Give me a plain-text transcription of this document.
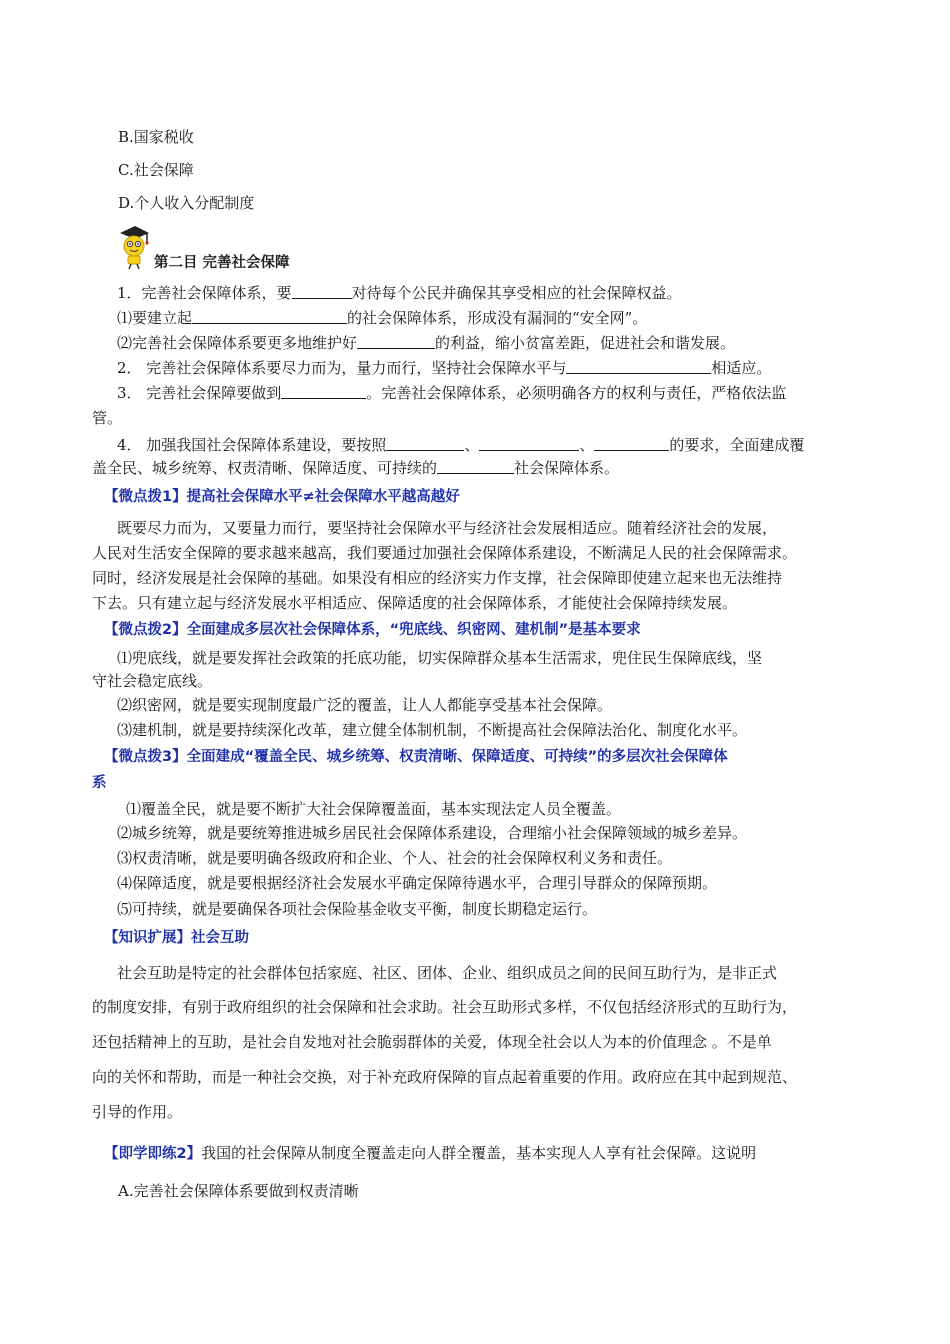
B.国家税收
C.社会保障
D.个人收入分配制度
第二目 完善社会保障
1．完善社会保障体系，要	对待每个公民并确保其享受相应的社会保障权益。
⑴要建立起	的社会保障体系，形成没有漏洞的“安全网”。
⑵完善社会保障体系要更多地维护好	的利益，缩小贫富差距，促进社会和谐发展。
2． 完善社会保障体系要尽力而为，量力而行，坚持社会保障水平与	相适应。
3． 完善社会保障要做到	。完善社会保障体系，必须明确各方的权利与责任，严格依法监
管。
4． 加强我国社会保障体系建设，要按照	、	、	的要求，全面建成覆
盖全民、城乡统筹、权责清晰、保障适度、可持续的	社会保障体系。
【微点拨1】提高社会保障水平≠社会保障水平越高越好
既要尽力而为，又要量力而行，要坚持社会保障水平与经济社会发展相适应。随着经济社会的发展，
人民对生活安全保障的要求越来越高，我们要通过加强社会保障体系建设，不断满足人民的社会保障需求。
同时，经济发展是社会保障的基础。如果没有相应的经济实力作支撑，社会保障即使建立起来也无法维持
下去。只有建立起与经济发展水平相适应、保障适度的社会保障体系，才能使社会保障持续发展。
【微点拨2】全面建成多层次社会保障体系，“兜底线、织密网、建机制”是基本要求
⑴兜底线，就是要发挥社会政策的托底功能，切实保障群众基本生活需求，兜住民生保障底线，坚
守社会稳定底线。
⑵织密网，就是要实现制度最广泛的覆盖，让人人都能享受基本社会保障。
⑶建机制，就是要持续深化改革，建立健全体制机制，不断提高社会保障法治化、制度化水平。
【微点拨3】全面建成“覆盖全民、城乡统筹、权责清晰、保障适度、可持续”的多层次社会保障体
系
⑴覆盖全民，就是要不断扩大社会保障覆盖面，基本实现法定人员全覆盖。
⑵城乡统筹，就是要统筹推进城乡居民社会保障体系建设，合理缩小社会保障领域的城乡差异。
⑶权责清晰，就是要明确各级政府和企业、个人、社会的社会保障权利义务和责任。
⑷保障适度，就是要根据经济社会发展水平确定保障待遇水平，合理引导群众的保障预期。
⑸可持续，就是要确保各项社会保险基金收支平衡，制度长期稳定运行。
【知识扩展】社会互助
社会互助是特定的社会群体包括家庭、社区、团体、企业、组织成员之间的民间互助行为，是非正式
的制度安排，有别于政府组织的社会保障和社会求助。社会互助形式多样，不仅包括经济形式的互助行为，
还包括精神上的互助，是社会自发地对社会脆弱群体的关爱，体现全社会以人为本的价值理念 。不是单
向的关怀和帮助，而是一种社会交换，对于补充政府保障的盲点起着重要的作用。政府应在其中起到规范、
引导的作用。
【即学即练2】我国的社会保障从制度全覆盖走向人群全覆盖，基本实现人人享有社会保障。这说明
A.完善社会保障体系要做到权责清晰
